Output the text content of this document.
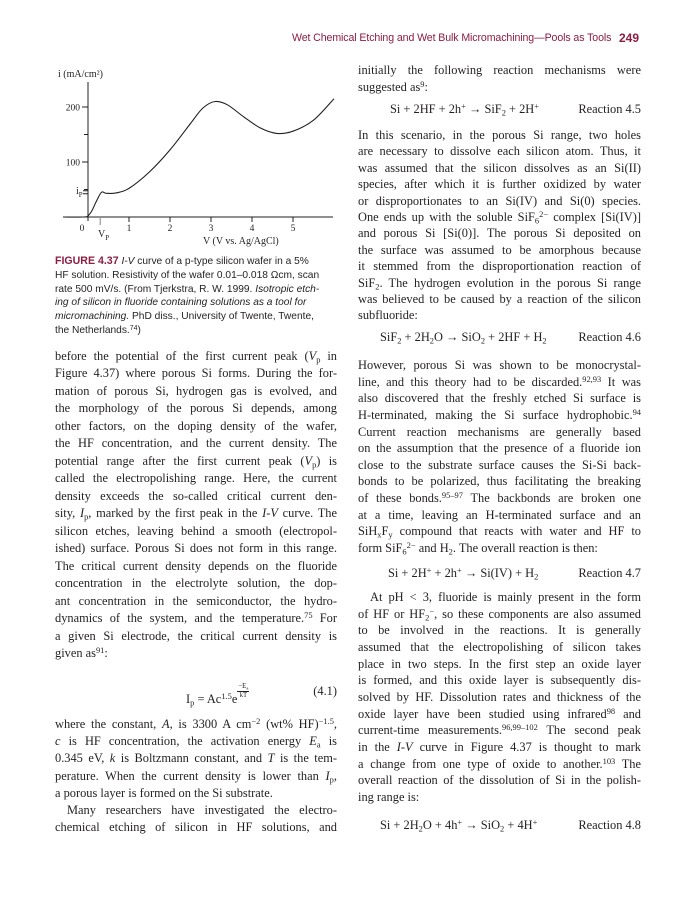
Wet Chemical Etching and Wet Bulk Micromachining—Pools as Tools 249
i (mA/cm²)
V (V vs. Ag/AgCl)
100
200
0	1	2	3	4	5
$i_P$
$V_P$
FIGURE 4.37 I-V curve of a p-type silicon wafer in a 5%
HF solution. Resistivity of the wafer 0.01–0.018 Ωcm, scan
rate 500 mV/s. (From Tjerkstra, R. W. 1999. Isotropic etch-
ing of silicon in fluoride containing solutions as a tool for
micromachining. PhD diss., University of Twente, Twente,
the Netherlands.$^{74}$)
before the potential of the first current peak ($V_p$ in
Figure 4.37) where porous Si forms. During the for-
mation of porous Si, hydrogen gas is evolved, and
the morphology of the porous Si depends, among
other factors, on the doping density of the wafer,
the HF concentration, and the current density. The
potential range after the first current peak $(V_p)$ is
called the electropolishing range. Here, the current
density exceeds the so-called critical current den-
sity, $I_p$, marked by the first peak in the I-V curve. The
silicon etches, leaving behind a smooth (electropol-
ished) surface. Porous Si does not form in this range.
The critical current density depends on the fluoride
concentration in the electrolyte solution, the dop-
ant concentration in the semiconductor, the hydro-
dynamics of the system, and the temperature.$^{75}$ For
a given Si electrode, the critical current density is
given $as^{91}$:
$I_p = Ac^{1.5}e \frac{-E_a}{kT}$	(4.1)
where the constant, A, is 3300 A $cm^{-2}$ (wt% HF)$^{-1.5}$,
c is HF concentration, the activation energy $E_a$ is
0.345 eV, k is Boltzmann constant, and T is the tem-
perature. When the current density is lower than $I_p$,
a porous layer is formed on the Si substrate.
Many researchers have investigated the electro-
chemical etching of silicon in HF solutions, and
initially the following reaction mechanisms were
suggested $as^9$:
Si + 2HF + 2h+ → SiF$_2$ + 2H+	Reaction 4.5
In this scenario, in the porous Si range, two holes
are necessary to dissolve each silicon atom. Thus, it
was assumed that the silicon dissolves as an Si(II)
species, after which it is further oxidized by water
or disproportionates to an Si(IV) and Si(0) species.
One ends up with the soluble SiF$_6^{2-}$ complex [Si(IV)]
and porous Si [Si(0)]. The porous Si deposited on
the surface was assumed to be amorphous because
it stemmed from the disproportionation reaction of
SiF$_2$. The hydrogen evolution in the porous Si range
was believed to be caused by a reaction of the silicon
subfluoride:
$SiF_2 + 2H_2O \to SiO_2 + 2HF + H_2$	Reaction 4.6
However, porous Si was shown to be monocrystal-
line, and this theory had to be discarded.$^{92,93}$ It was
also discovered that the freshly etched Si surface is
H-terminated, making the Si surface hydrophobic.$^{94}$
Current reaction mechanisms are generally based
on the assumption that the presence of a fluoride ion
close to the substrate surface causes the Si-Si back-
bonds to be polarized, thus facilitating the breaking
of these bonds.$^{95-97}$ The backbonds are broken one
at a time, leaving an H-terminated surface and an
$SiH_xF_y$ compound that reacts with water and HF to
form SiF$_6^{2-}$ and $H_2$. The overall reaction is then:
$Si + 2H^+ + 2h^+ \to Si(IV) + H_2$	Reaction 4.7
At pH < 3, fluoride is mainly present in the form
of HF or $HF_2^-$, so these components are also assumed
to be involved in the reactions. It is generally
assumed that the electropolishing of silicon takes
place in two steps. In the first step an oxide layer
is formed, and this oxide layer is subsequently dis-
solved by HF. Dissolution rates and thickness of the
oxide layer have been studied using infrared$^{98}$ and
current-time measurements.$^{96,99-102}$ The second peak
in the I-V curve in Figure 4.37 is thought to mark
a change from one type of oxide to another.$^{103}$ The
overall reaction of the dissolution of Si in the polish-
ing range is:
$Si + 2H_2O + 4h^+ \to SiO_2 + 4H^+$	Reaction 4.8
